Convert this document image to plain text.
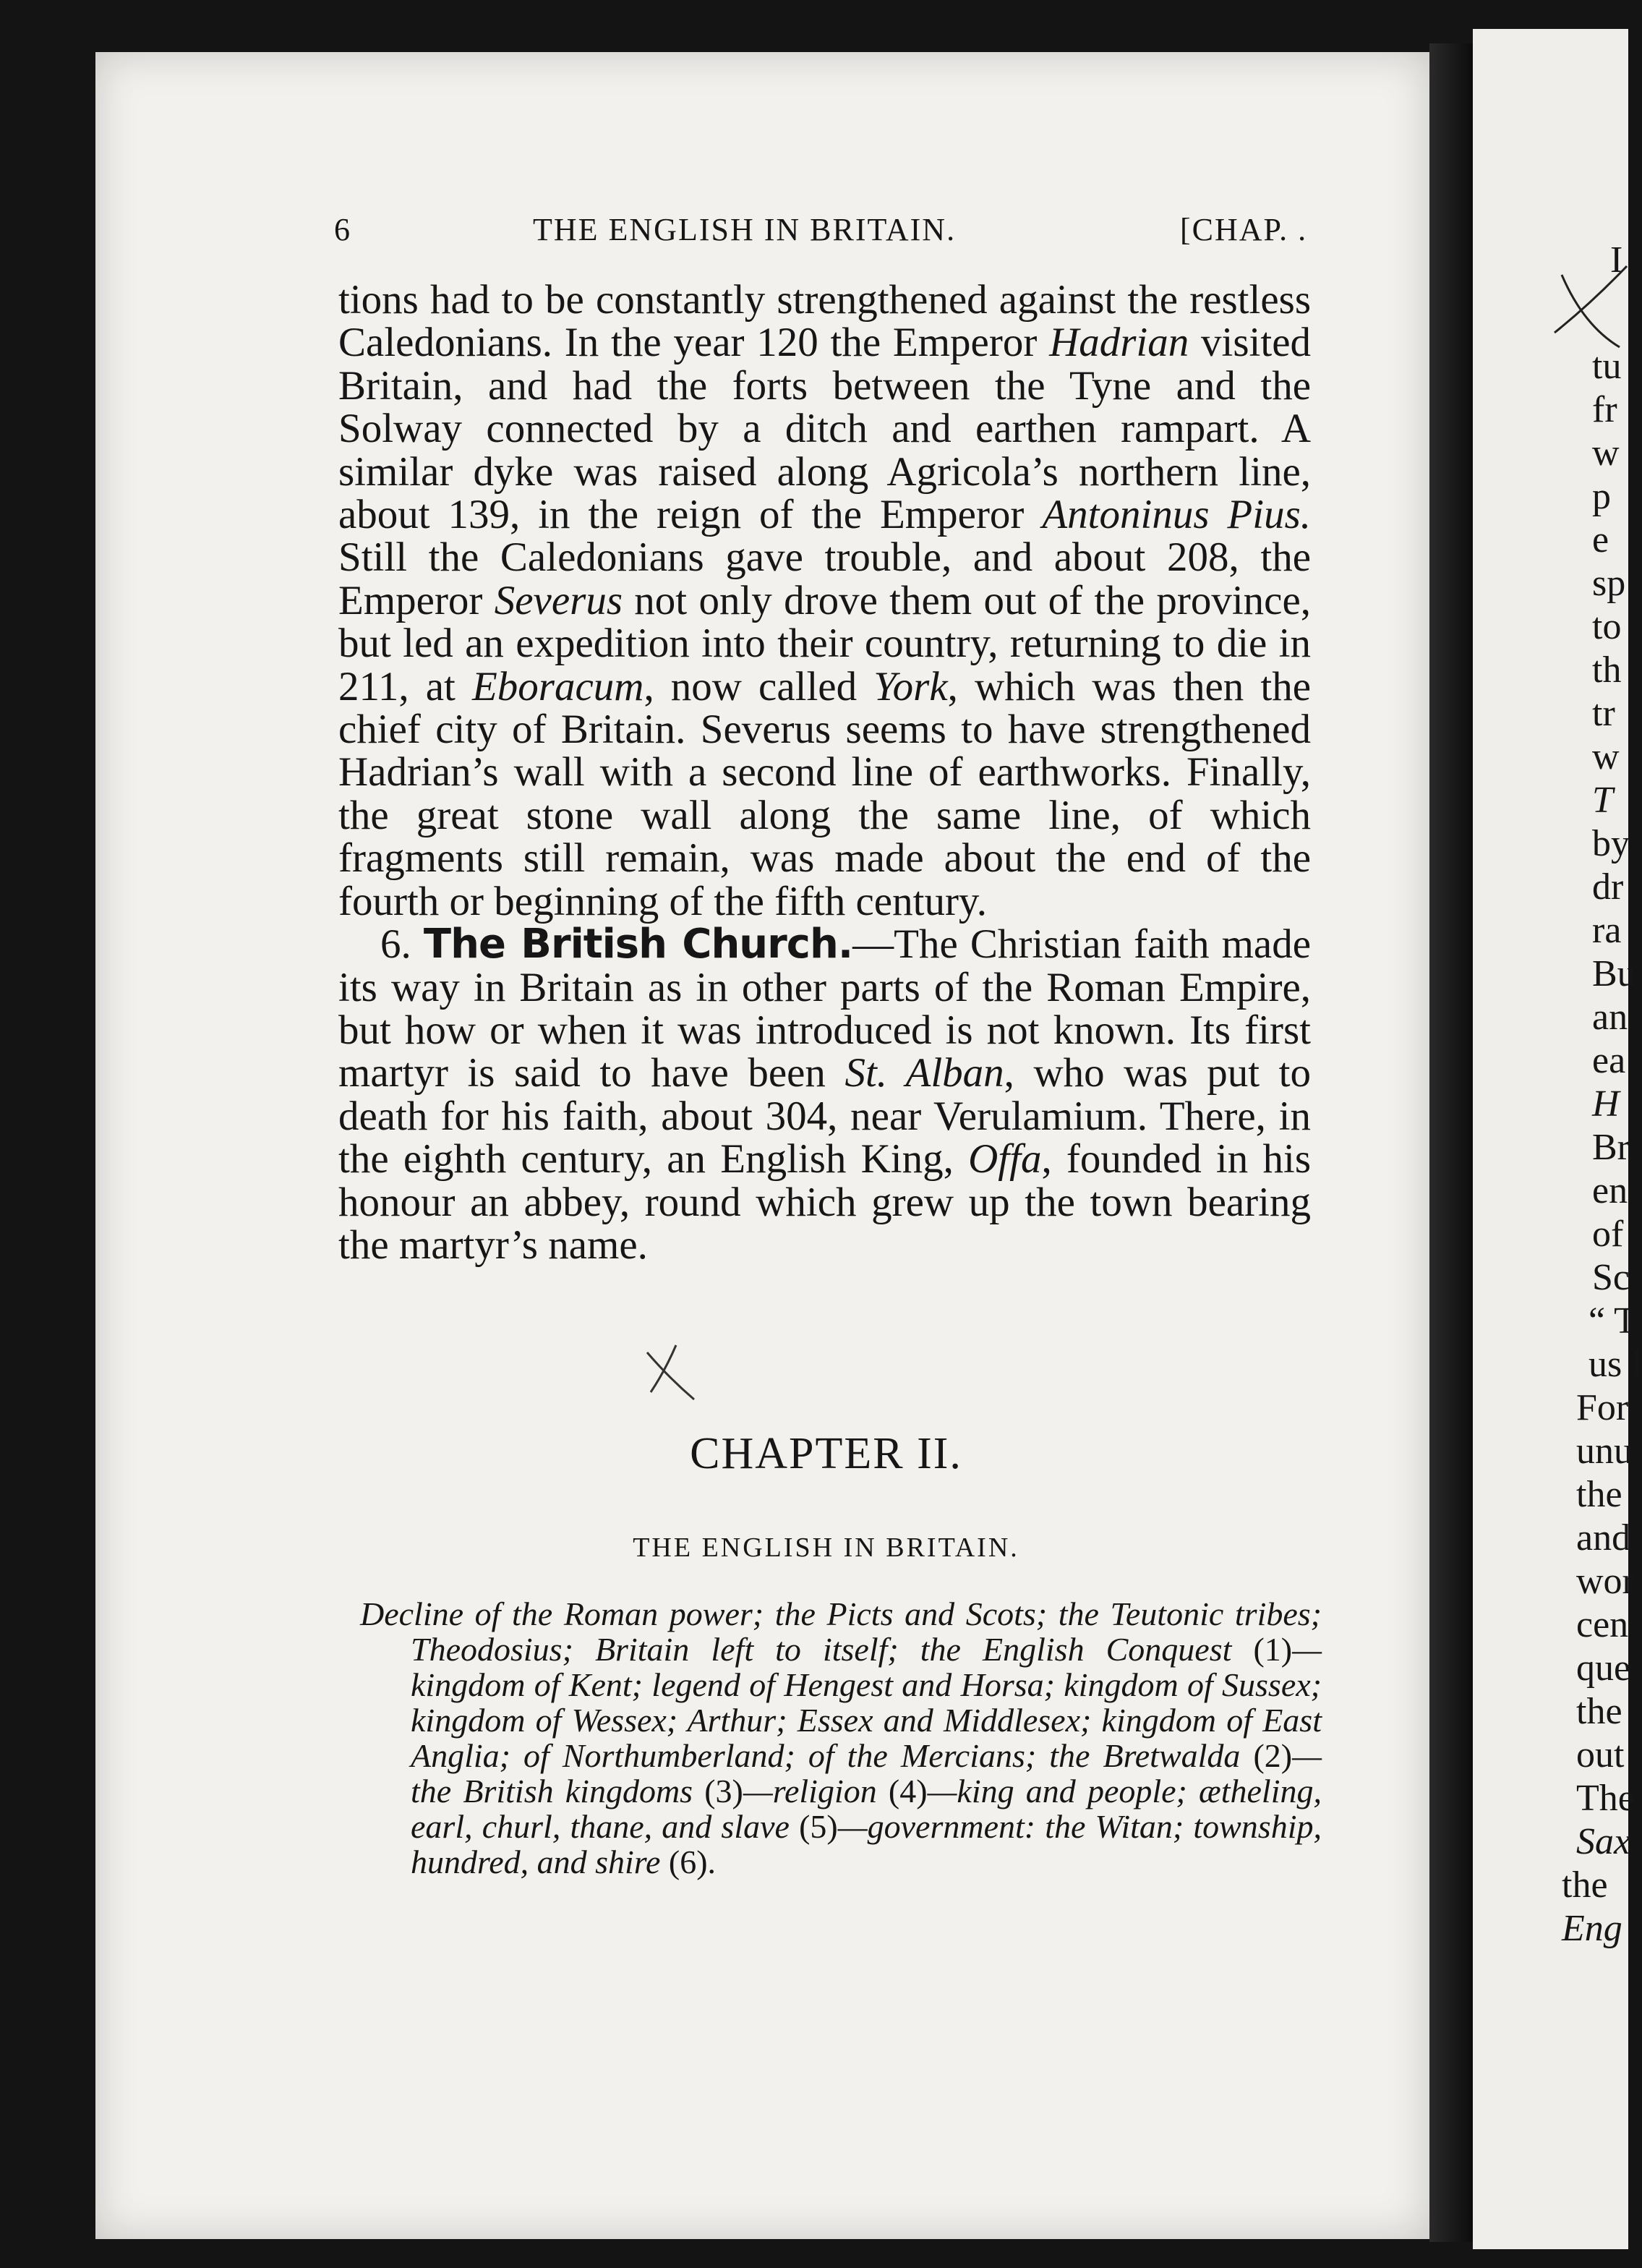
I
tu
fr
w
p
e
sp
to
th
tr
w
T
by
dr
ra
Bu
an
ea
H
Br
en
of
Sc
“ T
us l
For
unu
the
and
wor
cen
que
the
out
The
Sax
the
Eng
6	THE ENGLISH IN BRITAIN.	[CHAP. .

tions had to be constantly strengthened against the restless Caledonians. In the year 120 the Emperor Hadrian visited Britain, and had the forts between the Tyne and the Solway connected by a ditch and earthen rampart. A similar dyke was raised along Agricola’s northern line, about 139, in the reign of the Emperor Antoninus Pius. Still the Caledonians gave trouble, and about 208, the Emperor Severus not only drove them out of the province, but led an expedition into their country, returning to die in 211, at Eboracum, now called York, which was then the chief city of Britain. Severus seems to have strengthened Hadrian’s wall with a second line of earthworks. Finally, the great stone wall along the same line, of which fragments still remain, was made about the end of the fourth or beginning of the fifth century.

6. The British Church.—The Christian faith made its way in Britain as in other parts of the Roman Empire, but how or when it was introduced is not known. Its first martyr is said to have been St. Alban, who was put to death for his faith, about 304, near Verulamium. There, in the eighth century, an English King, Offa, founded in his honour an abbey, round which grew up the town bearing the martyr’s name.

CHAPTER II.
THE ENGLISH IN BRITAIN.
Decline of the Roman power; the Picts and Scots; the Teutonic tribes; Theodosius; Britain left to itself; the English Conquest (1)—kingdom of Kent; legend of Hengest and Horsa; kingdom of Sussex; kingdom of Wessex; Arthur; Essex and Middlesex; kingdom of East Anglia; of Northumberland; of the Mercians; the Bretwalda (2)—the British kingdoms (3)—religion (4)—king and people; ætheling, earl, churl, thane, and slave (5)—government: the Witan; township, hundred, and shire (6).
